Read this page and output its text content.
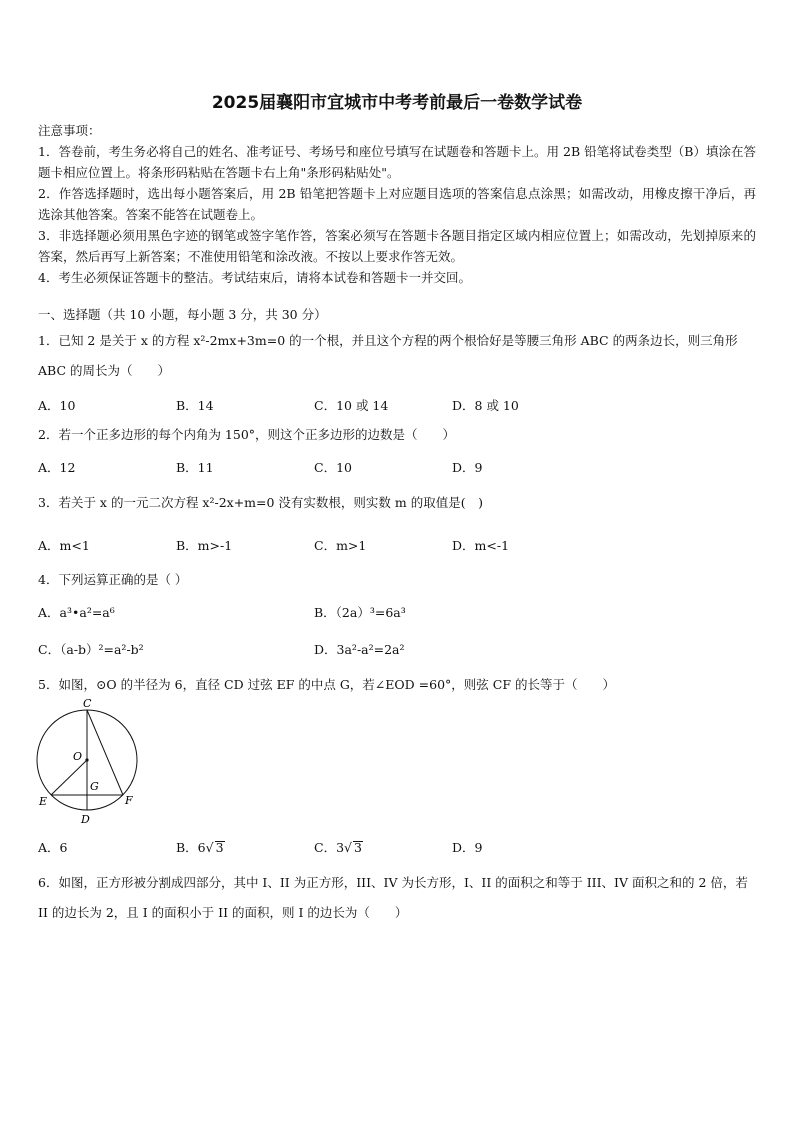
2025届襄阳市宜城市中考考前最后一卷数学试卷
注意事项：
1．答卷前，考生务必将自己的姓名、准考证号、考场号和座位号填写在试题卷和答题卡上。用 2B 铅笔将试卷类型（B）填涂在答题卡相应位置上。将条形码粘贴在答题卡右上角"条形码粘贴处"。
2．作答选择题时，选出每小题答案后，用 2B 铅笔把答题卡上对应题目选项的答案信息点涂黑；如需改动，用橡皮擦干净后，再选涂其他答案。答案不能答在试题卷上。
3．非选择题必须用黑色字迹的钢笔或签字笔作答，答案必须写在答题卡各题目指定区域内相应位置上；如需改动，先划掉原来的答案，然后再写上新答案；不准使用铅笔和涂改液。不按以上要求作答无效。
4．考生必须保证答题卡的整洁。考试结束后，请将本试卷和答题卡一并交回。
一、选择题（共 10 小题，每小题 3 分，共 30 分）
1．已知 2 是关于 x 的方程 x²-2mx+3m=0 的一个根，并且这个方程的两个根恰好是等腰三角形 ABC 的两条边长，则三角形 ABC 的周长为（　　）
A．10	B．14	C．10 或 14	D．8 或 10
2．若一个正多边形的每个内角为 150°，则这个正多边形的边数是（　　）
A．12	B．11	C．10	D．9
3．若关于 x 的一元二次方程 x²-2x+m=0 没有实数根，则实数 m 的取值是(　)
A．m<1	B．m>-1	C．m>1	D．m<-1
4．下列运算正确的是（ ）
A．a³•a²=a⁶	B．（2a）³=6a³
C．（a-b）²=a²-b²	D．3a²-a²=2a²
5．如图，⊙O 的半径为 6，直径 CD 过弦 EF 的中点 G，若∠EOD =60°，则弦 CF 的长等于（　　）
C
O
G
E	F
D
A．6	B．6√ 3	C．3√ 3	D．9
6．如图，正方形被分割成四部分，其中 I、II 为正方形，III、IV 为长方形，I、II 的面积之和等于 III、IV 面积之和的 2 倍，若 II 的边长为 2，且 I 的面积小于 II 的面积，则 I 的边长为（　　）
